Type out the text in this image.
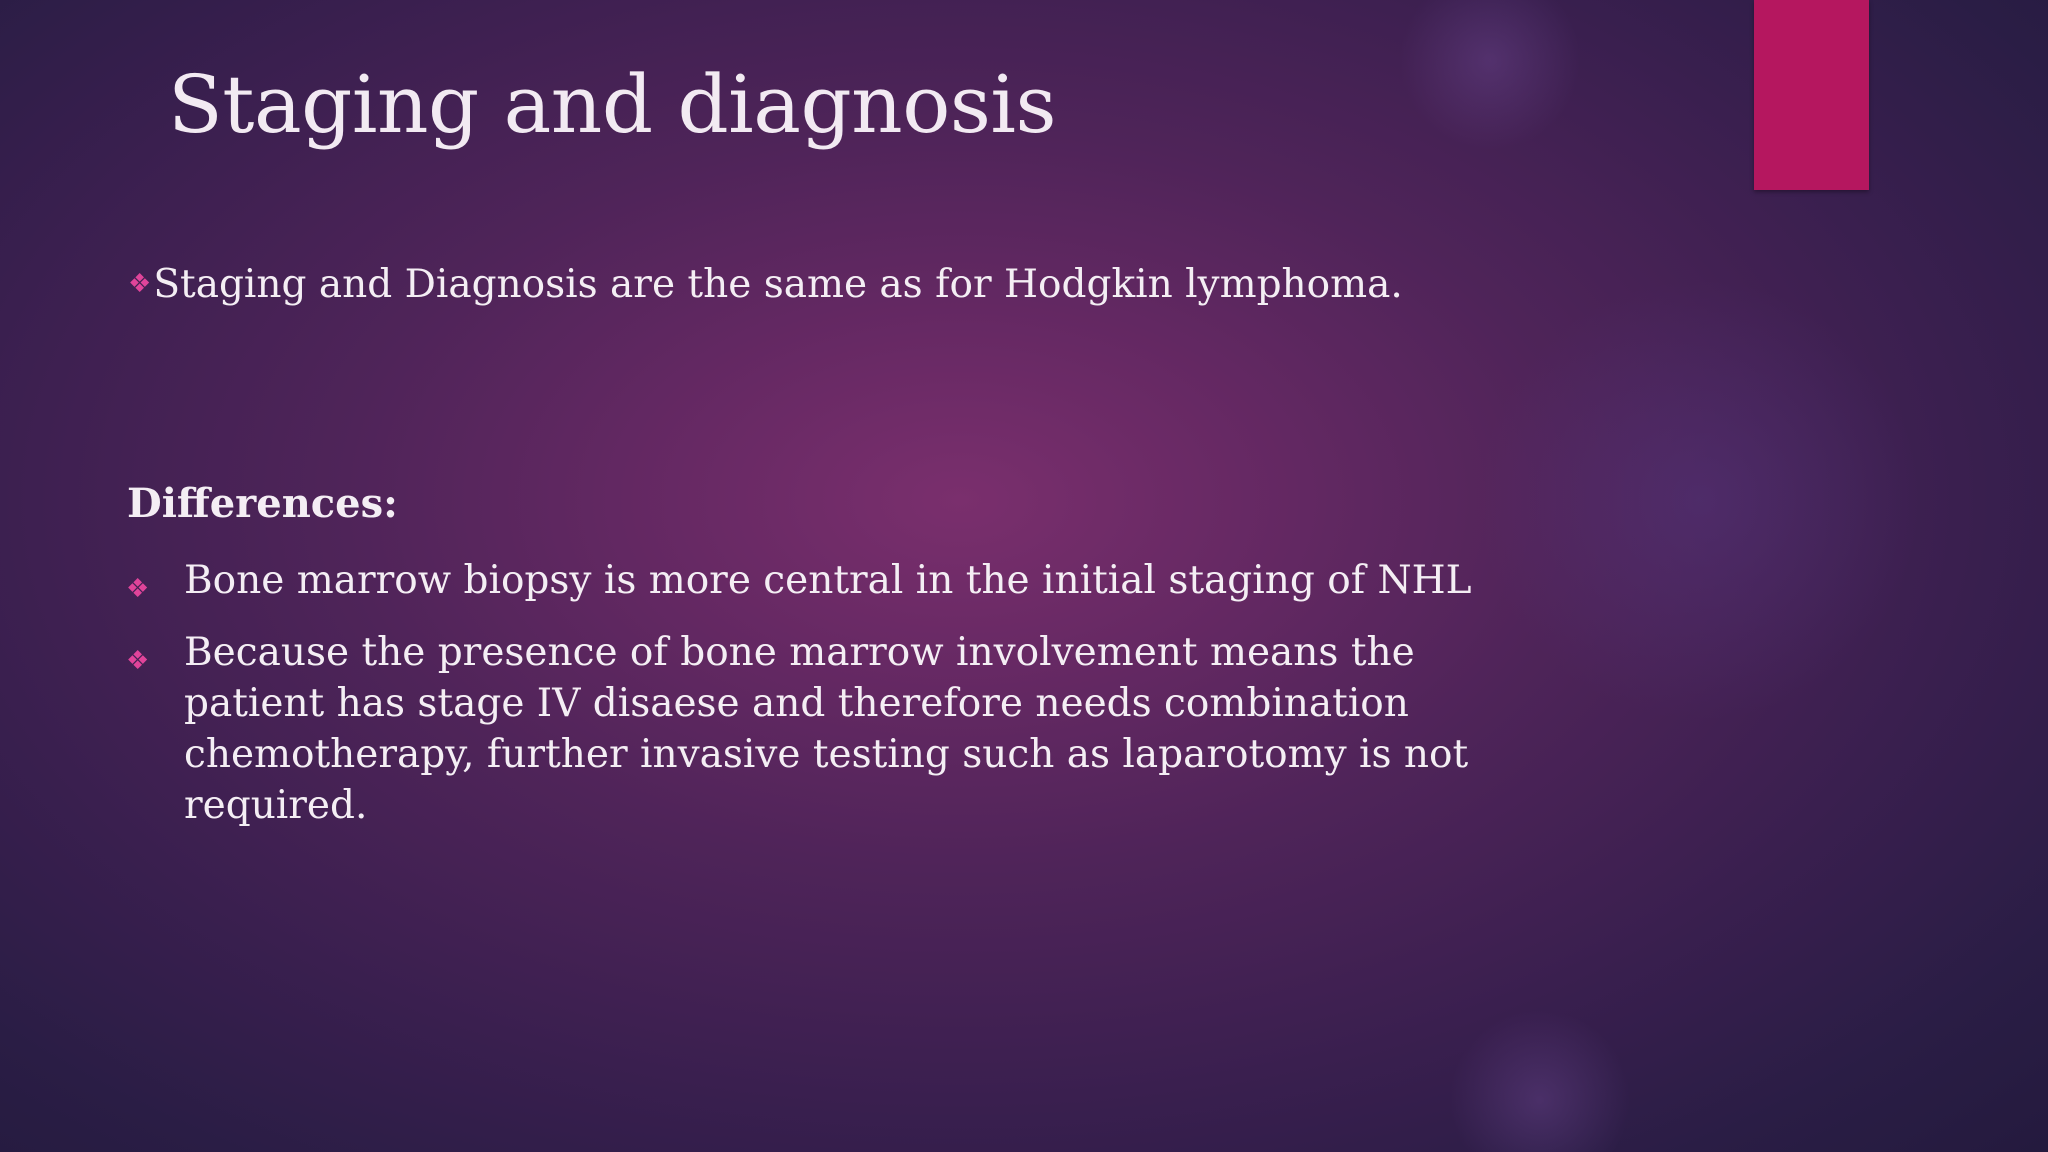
Staging and diagnosis
❖Staging and Diagnosis are the same as for Hodgkin lymphoma.
Differences:
❖ Bone marrow biopsy is more central in the initial staging of NHL
❖ Because the presence of bone marrow involvement means the patient has stage IV disaese and therefore needs combination chemotherapy, further invasive testing such as laparotomy is not required.
